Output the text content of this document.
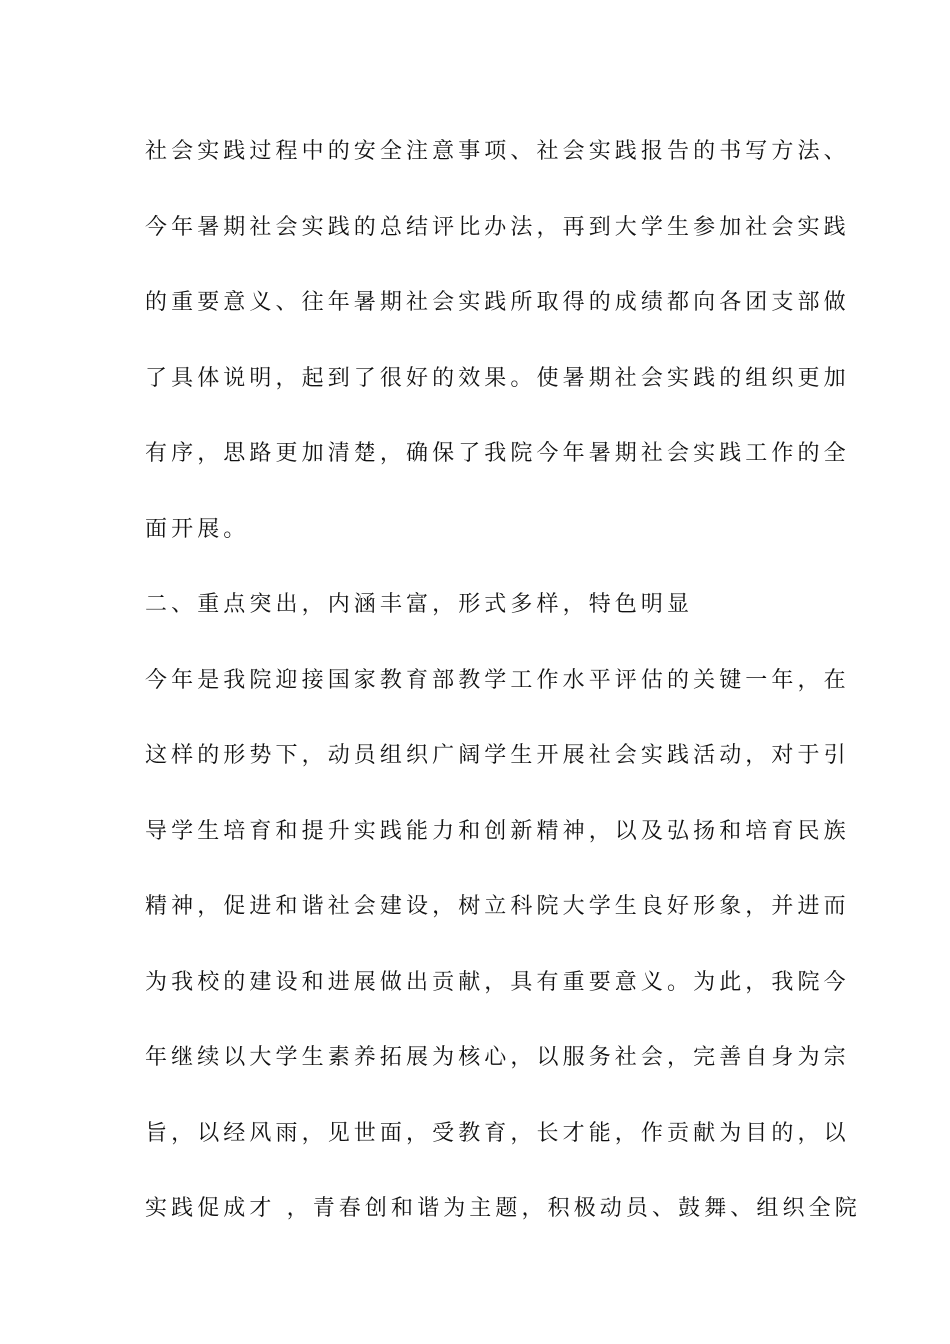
社会实践过程中的安全注意事项、社会实践报告的书写方法、
今年暑期社会实践的总结评比办法，再到大学生参加社会实践
的重要意义、往年暑期社会实践所取得的成绩都向各团支部做
了具体说明，起到了很好的效果。使暑期社会实践的组织更加
有序，思路更加清楚，确保了我院今年暑期社会实践工作的全
面开展。
二、重点突出，内涵丰富，形式多样，特色明显
今年是我院迎接国家教育部教学工作水平评估的关键一年，在
这样的形势下，动员组织广阔学生开展社会实践活动，对于引
导学生培育和提升实践能力和创新精神，以及弘扬和培育民族
精神，促进和谐社会建设，树立科院大学生良好形象，并进而
为我校的建设和进展做出贡献，具有重要意义。为此，我院今
年继续以大学生素养拓展为核心，以服务社会，完善自身为宗
旨，以经风雨，见世面，受教育，长才能，作贡献为目的，以
实践促成才 ，青春创和谐为主题，积极动员、鼓舞、组织全院
